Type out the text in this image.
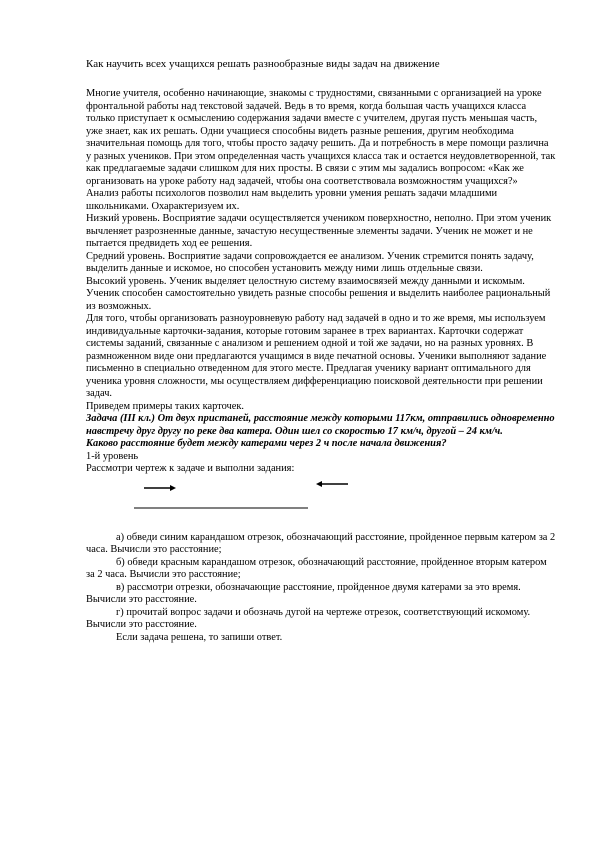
Как научить всех учащихся решать разнообразные виды задач на движение

Многие учителя, особенно начинающие, знакомы с трудностями, связанными с организацией на уроке фронтальной работы над текстовой задачей. Ведь в то время, когда большая часть учащихся класса только приступает к осмыслению содержания задачи вместе с учителем, другая пусть меньшая часть, уже знает, как их решать. Одни учащиеся способны видеть разные решения, другим необходима значительная помощь для того, чтобы просто задачу решить. Да и потребность в мере помощи различна у разных учеников. При этом определенная часть учащихся класса так и остается неудовлетворенной, так как предлагаемые задачи слишком для них просты. В связи с этим мы задались вопросом: «Как же организовать на уроке работу над задачей, чтобы она соответствовала возможностям учащихся?»

Анализ работы психологов позволил нам выделить уровни умения решать задачи младшими школьниками. Охарактеризуем их.

Низкий уровень. Восприятие задачи осуществляется учеником поверхностно, неполно. При этом ученик вычленяет разрозненные данные, зачастую несущественные элементы задачи. Ученик не может и не пытается предвидеть ход ее решения.

Средний уровень. Восприятие задачи сопровождается ее анализом. Ученик стремится понять задачу, выделить данные и искомое, но способен установить между ними лишь отдельные связи.

Высокий уровень. Ученик выделяет целостную систему взаимосвязей между данными и искомым. Ученик способен самостоятельно увидеть разные способы решения и выделить наиболее рациональный из возможных.

Для того, чтобы организовать разноуровневую работу над задачей в одно и то же время, мы используем индивидуальные карточки-задания, которые готовим заранее в трех вариантах. Карточки содержат системы заданий, связанные с анализом и решением одной и той же задачи, но на разных уровнях. В размноженном виде они предлагаются учащимся в виде печатной основы. Ученики выполняют задание письменно в специально отведенном для этого месте. Предлагая ученику вариант оптимального для ученика уровня сложности, мы осуществляем дифференциацию поисковой деятельности при решении задач.

Приведем примеры таких карточек.

Задача (III кл.) От двух пристаней, расстояние между которыми 117км, отправились одновременно навстречу друг другу по реке два катера. Один шел со скоростью 17 км/ч, другой – 24 км/ч.

Каково расстояние будет между катерами через 2 ч после начала движения?

1-й уровень

Рассмотри чертеж к задаче и выполни задания:

а) обведи синим карандашом отрезок, обозначающий расстояние, пройденное первым катером за 2 часа. Вычисли это расстояние;

б) обведи красным карандашом отрезок, обозначающий расстояние, пройденное вторым катером за 2 часа. Вычисли это расстояние;

в) рассмотри отрезки, обозначающие расстояние, пройденное двумя катерами за это время. Вычисли это расстояние.

г) прочитай вопрос задачи и обозначь дугой на чертеже отрезок, соответствующий искомому. Вычисли это расстояние.

Если задача решена, то запиши ответ.
